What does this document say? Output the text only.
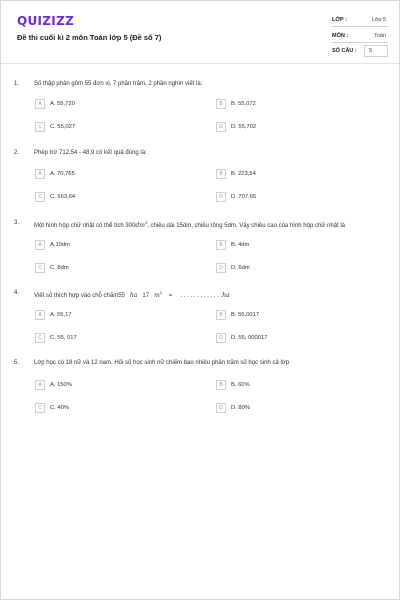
QUIZIZZ
Đề thi cuối kì 2 môn Toán lớp 5 (Đề số 7)
LỚP :	Lớp 5
MÔN :	Toán
SỐ CÂU : 5
1. Số thập phân gồm 55 đơn vị, 7 phần trăm, 2 phần nghìn viết là:
A	A. 55,720	B	B. 55,072
C	C. 55,027	D	D. 55,702
2. Phép trừ 712,54 - 48,9 có kết quả đúng là:
A	A. 70,765	B	B. 223,54
C	C. 663,64	D	D. 707,65
3. Một hình hộp chữ nhật có thể tích $300dm^3$, chiều dài 15dm, chiều rộng 5dm. Vậy chiều cao của hình hộp chữ nhật là
A	A.10dm	B	B. 4dm
C	C. 8dm	D	D. 6dm
4. Viết số thích hợp vào chỗ chấm55 ha 17 $m^2$    = . . . . . . , . . . . . .ha
A	A. 55,17	B	B. 55,0017
C	C. 55, 017	D	D. 55, 000017
5. Lớp học có 18 nữ và 12 nam. Hỏi số học sinh nữ chiếm bao nhiêu phần trăm số học sinh cả lớp
A	A. 150%	B	B. 60%
C	C. 40%	D	D. 80%
